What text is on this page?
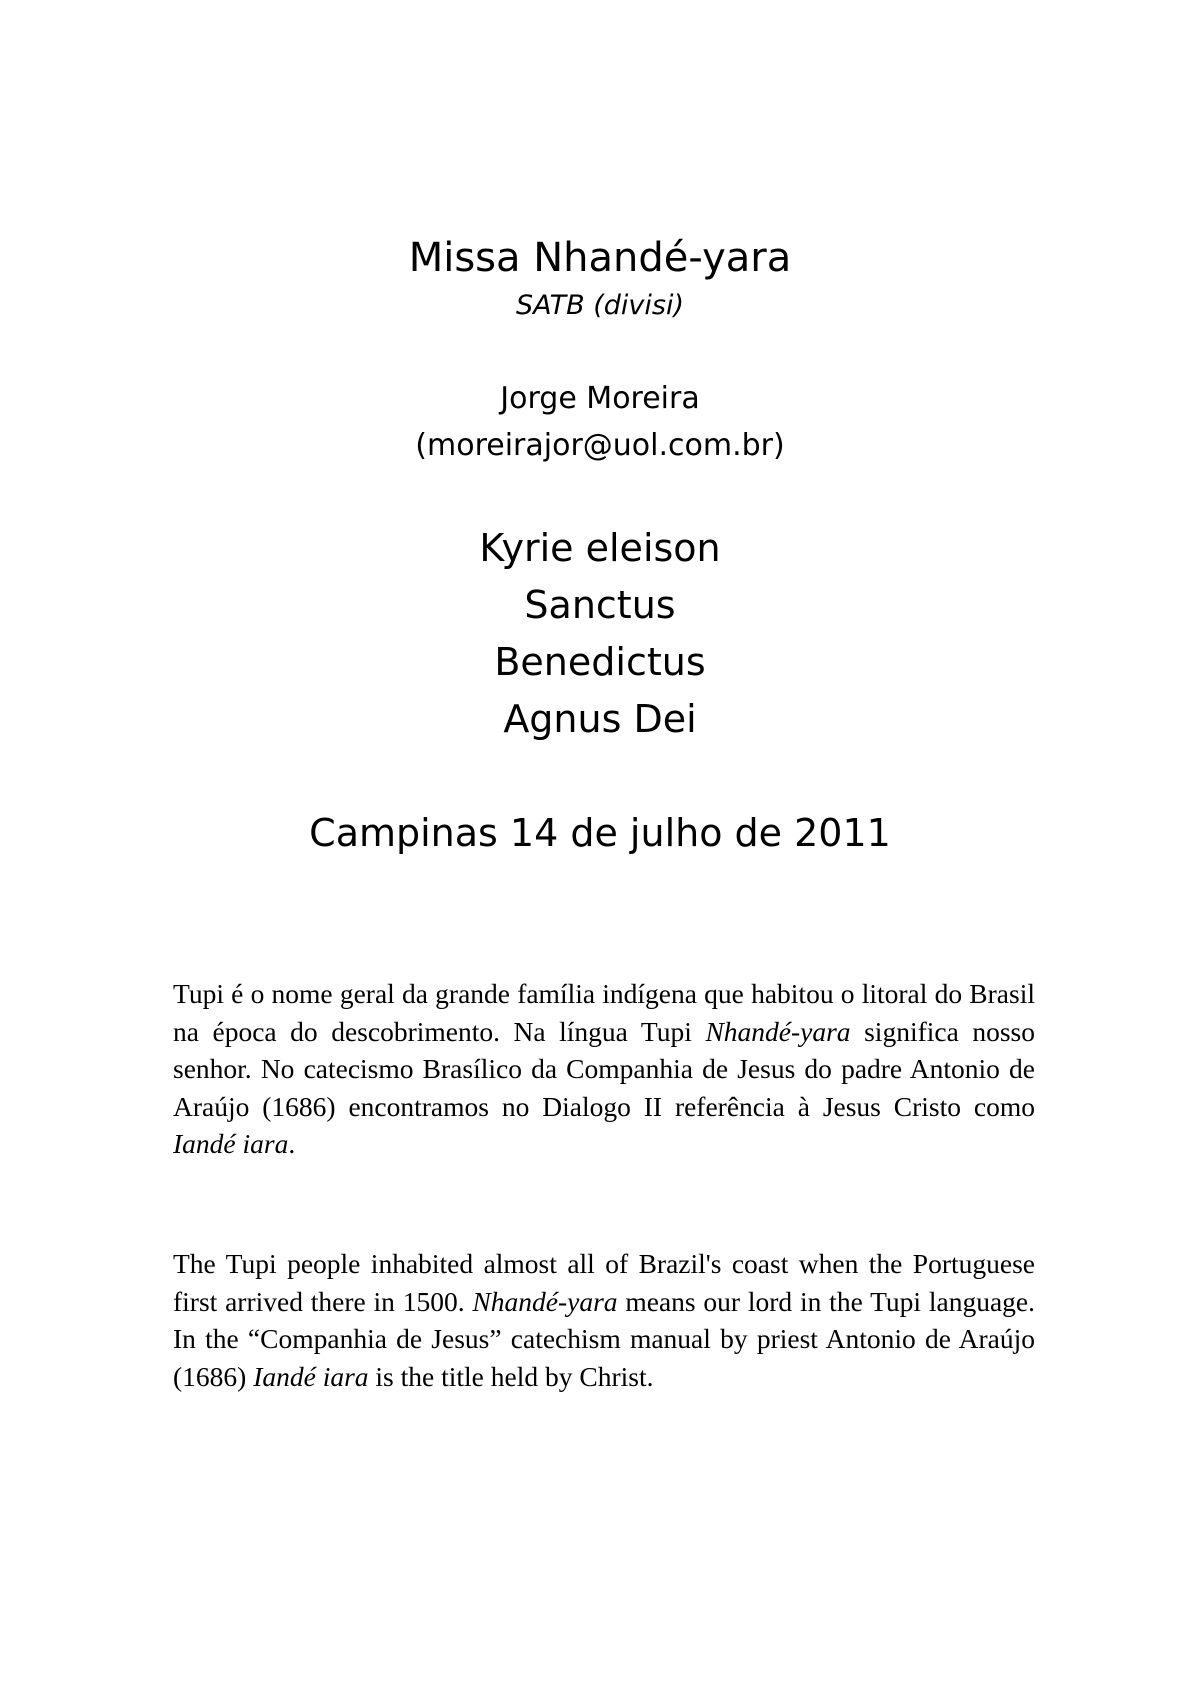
Missa Nhandé-yara
SATB (divisi)
Jorge Moreira
(moreirajor@uol.com.br)
Kyrie eleison
Sanctus
Benedictus
Agnus Dei
Campinas 14 de julho de 2011

Tupi é o nome geral da grande família indígena que habitou o litoral do Brasil na época do descobrimento. Na língua Tupi Nhandé-yara significa nosso senhor. No catecismo Brasílico da Companhia de Jesus do padre Antonio de Araújo (1686) encontramos no Dialogo II referência à Jesus Cristo como Iandé iara.

The Tupi people inhabited almost all of Brazil's coast when the Portuguese first arrived there in 1500. Nhandé-yara means our lord in the Tupi language. In the “Companhia de Jesus” catechism manual by priest Antonio de Araújo (1686) Iandé iara is the title held by Christ.
